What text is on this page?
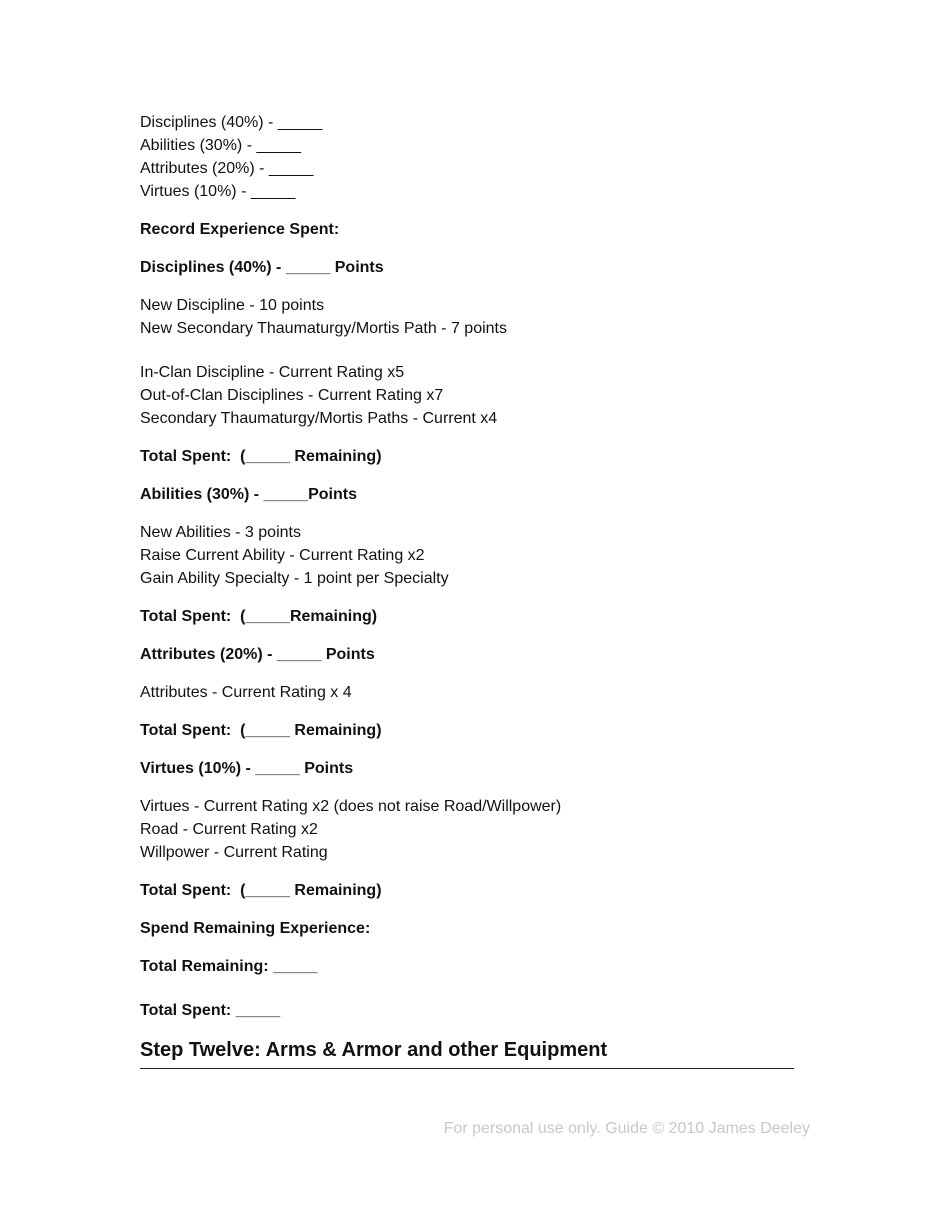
Disciplines (40%) - _____
Abilities (30%) - _____
Attributes (20%) - _____
Virtues (10%) - _____
Record Experience Spent:
Disciplines (40%) - _____ Points
New Discipline - 10 points
New Secondary Thaumaturgy/Mortis Path - 7 points
In-Clan Discipline - Current Rating x5
Out-of-Clan Disciplines - Current Rating x7
Secondary Thaumaturgy/Mortis Paths - Current x4
Total Spent:  (_____ Remaining)
Abilities (30%) - _____Points
New Abilities - 3 points
Raise Current Ability - Current Rating x2
Gain Ability Specialty - 1 point per Specialty
Total Spent:  (_____Remaining)
Attributes (20%) - _____ Points
Attributes - Current Rating x 4
Total Spent:  (_____ Remaining)
Virtues (10%) - _____ Points
Virtues - Current Rating x2 (does not raise Road/Willpower)
Road - Current Rating x2
Willpower - Current Rating
Total Spent:  (_____ Remaining)
Spend Remaining Experience:
Total Remaining: _____
Total Spent: _____
Step Twelve: Arms & Armor and other Equipment
For personal use only. Guide © 2010 James Deeley
